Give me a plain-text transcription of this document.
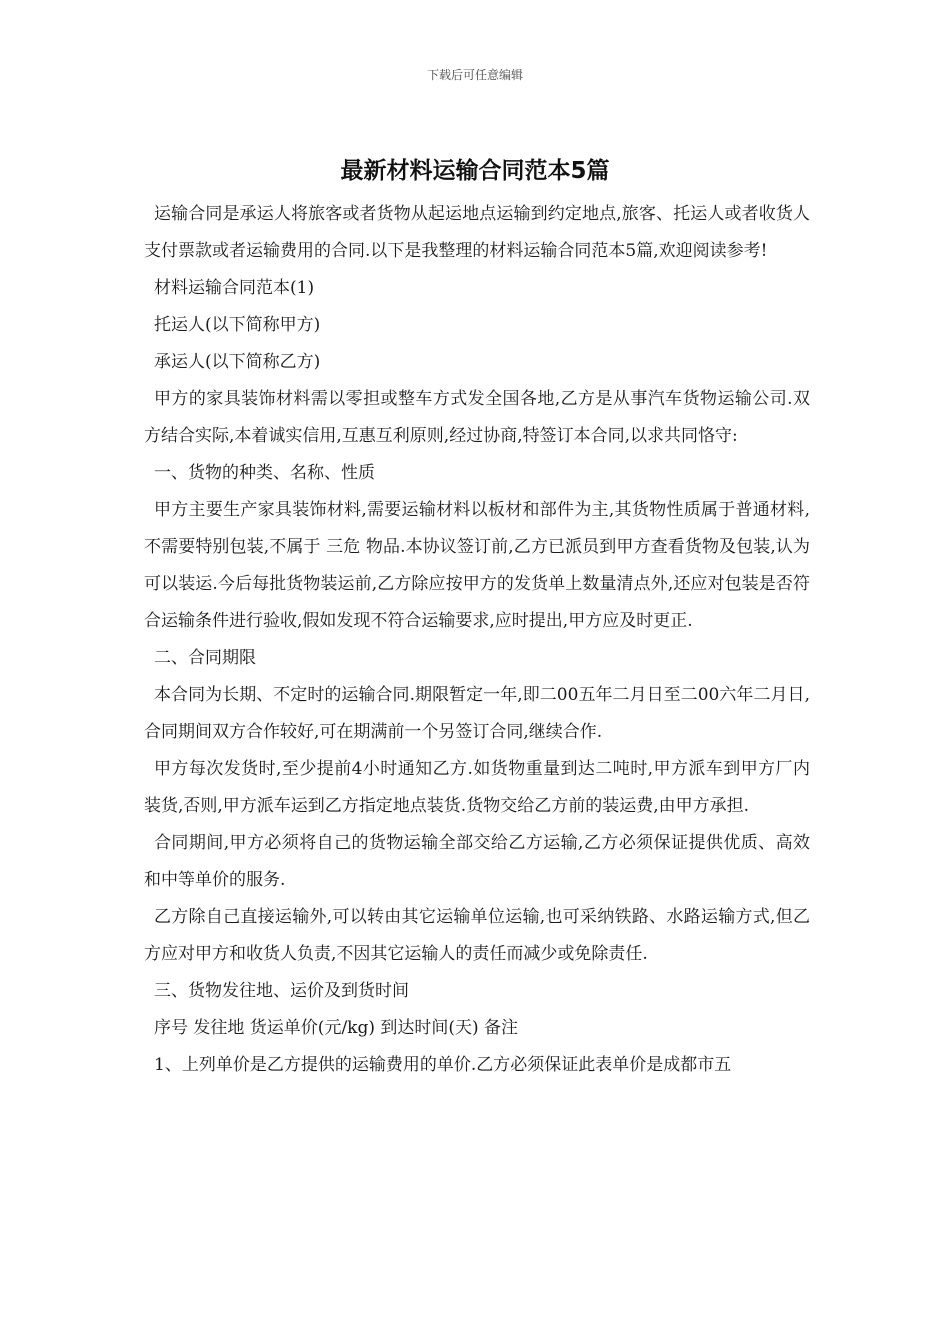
下载后可任意编辑
最新材料运输合同范本5篇

运输合同是承运人将旅客或者货物从起运地点运输到约定地点,旅客、托运人或者收货人支付票款或者运输费用的合同.以下是我整理的材料运输合同范本5篇,欢迎阅读参考!

材料运输合同范本(1)

托运人(以下简称甲方)

承运人(以下简称乙方)

甲方的家具装饰材料需以零担或整车方式发全国各地,乙方是从事汽车货物运输公司.双方结合实际,本着诚实信用,互惠互利原则,经过协商,特签订本合同,以求共同恪守:

一、货物的种类、名称、性质

甲方主要生产家具装饰材料,需要运输材料以板材和部件为主,其货物性质属于普通材料,不需要特别包装,不属于 三危 物品.本协议签订前,乙方已派员到甲方查看货物及包装,认为可以装运.今后每批货物装运前,乙方除应按甲方的发货单上数量清点外,还应对包装是否符合运输条件进行验收,假如发现不符合运输要求,应时提出,甲方应及时更正.

二、合同期限

本合同为长期、不定时的运输合同.期限暂定一年,即二00五年二月日至二00六年二月日,合同期间双方合作较好,可在期满前一个另签订合同,继续合作.

甲方每次发货时,至少提前4小时通知乙方.如货物重量到达二吨时,甲方派车到甲方厂内装货,否则,甲方派车运到乙方指定地点装货.货物交给乙方前的装运费,由甲方承担.

合同期间,甲方必须将自己的货物运输全部交给乙方运输,乙方必须保证提供优质、高效和中等单价的服务.

乙方除自己直接运输外,可以转由其它运输单位运输,也可采纳铁路、水路运输方式,但乙方应对甲方和收货人负责,不因其它运输人的责任而减少或免除责任.

三、货物发往地、运价及到货时间

序号 发往地 货运单价(元/kg) 到达时间(天) 备注

1、上列单价是乙方提供的运输费用的单价.乙方必须保证此表单价是成都市五
